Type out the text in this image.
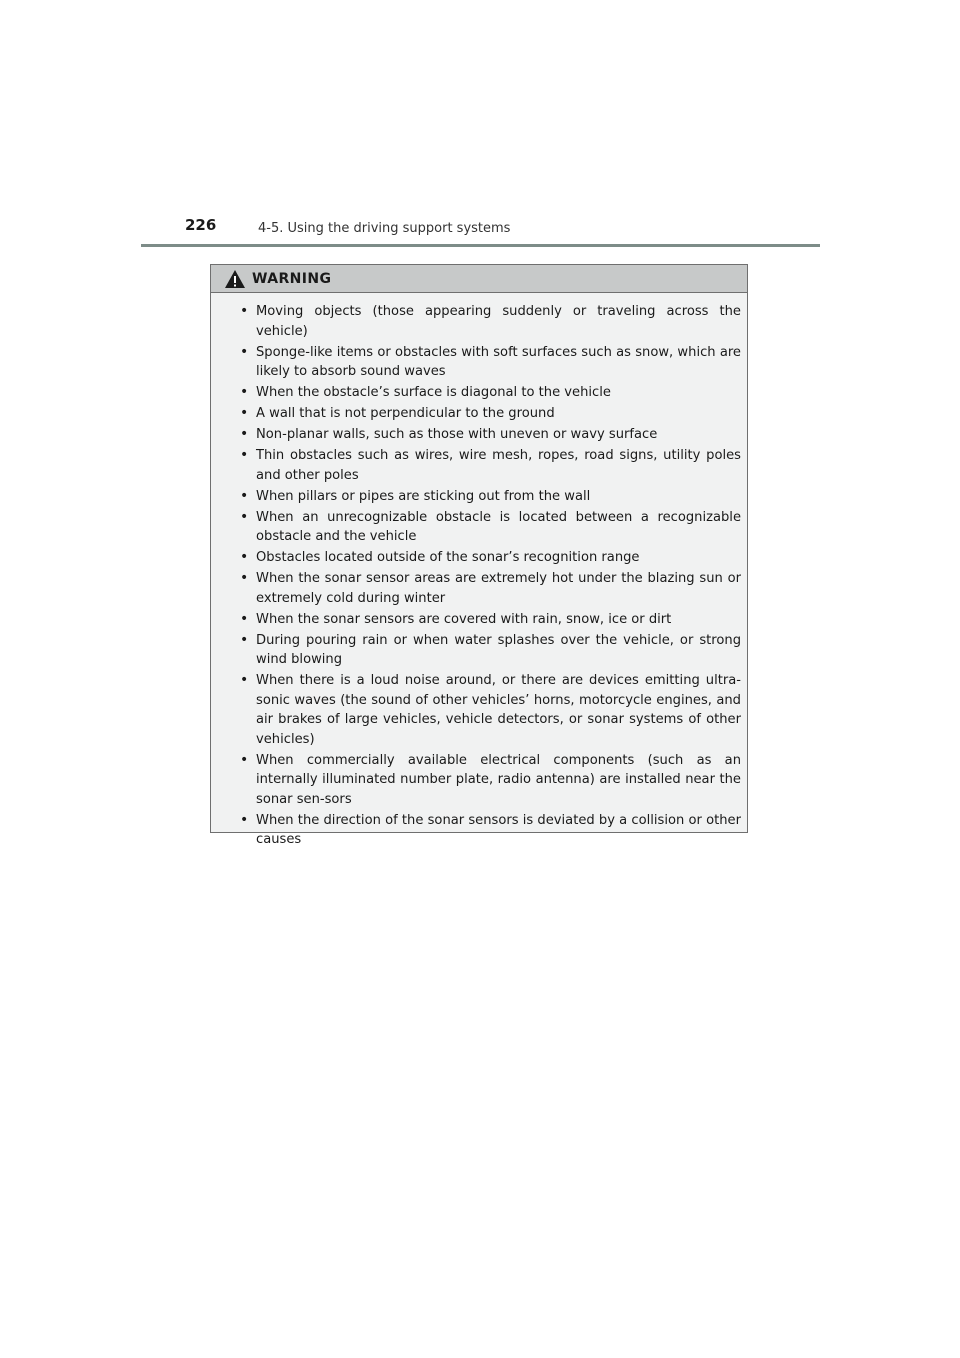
226	4-5. Using the driving support systems
WARNING
• Moving objects (those appearing suddenly or traveling across the vehicle)
• Sponge-like items or obstacles with soft surfaces such as snow, which are likely to absorb sound waves
• When the obstacle’s surface is diagonal to the vehicle
• A wall that is not perpendicular to the ground
• Non-planar walls, such as those with uneven or wavy surface
• Thin obstacles such as wires, wire mesh, ropes, road signs, utility poles and other poles
• When pillars or pipes are sticking out from the wall
• When an unrecognizable obstacle is located between a recognizable obstacle and the vehicle
• Obstacles located outside of the sonar’s recognition range
• When the sonar sensor areas are extremely hot under the blazing sun or extremely cold during winter
• When the sonar sensors are covered with rain, snow, ice or dirt
• During pouring rain or when water splashes over the vehicle, or strong wind blowing
• When there is a loud noise around, or there are devices emitting ultra-sonic waves (the sound of other vehicles’ horns, motorcycle engines, and air brakes of large vehicles, vehicle detectors, or sonar systems of other vehicles)
• When commercially available electrical components (such as an internally illuminated number plate, radio antenna) are installed near the sonar sen-sors
• When the direction of the sonar sensors is deviated by a collision or other causes
